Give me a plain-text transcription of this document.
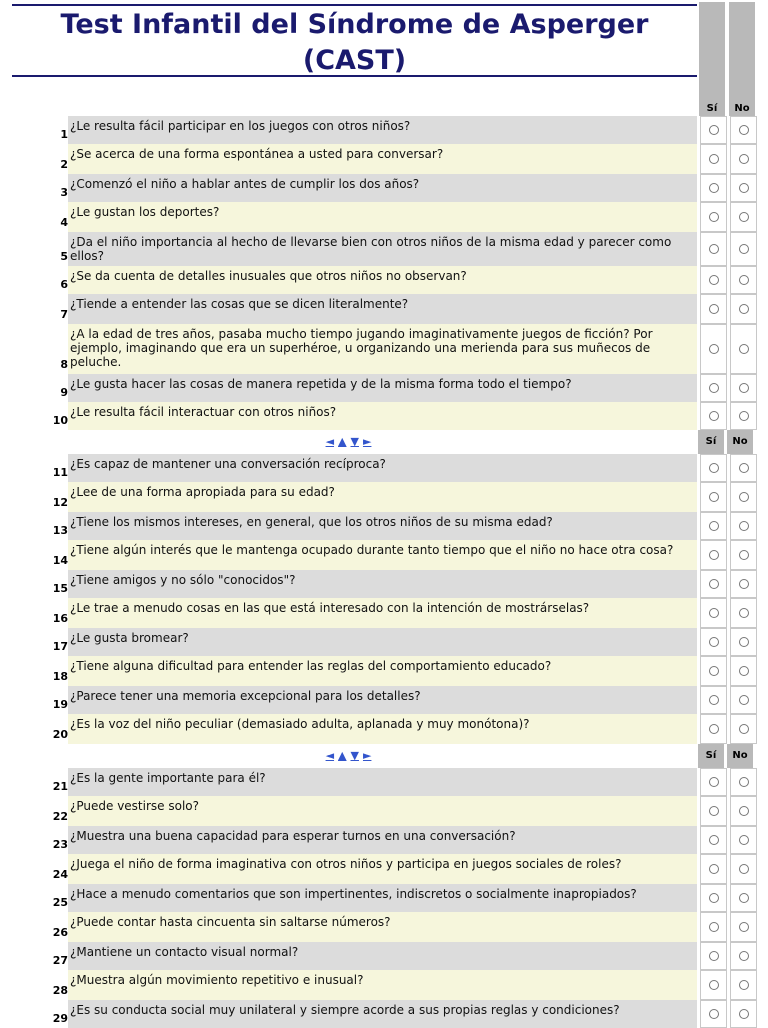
Test Infantil del Síndrome de Asperger (CAST)
Sí	No
1
¿Le resulta fácil participar en los juegos con otros niños?
2
¿Se acerca de una forma espontánea a usted para conversar?
3
¿Comenzó el niño a hablar antes de cumplir los dos años?
4
¿Le gustan los deportes?
5
¿Da el niño importancia al hecho de llevarse bien con otros niños de la misma edad y parecer como ellos?
6
¿Se da cuenta de detalles inusuales que otros niños no observan?
7
¿Tiende a entender las cosas que se dicen literalmente?
8
¿A la edad de tres años, pasaba mucho tiempo jugando imaginativamente juegos de ficción? Por ejemplo, imaginando que era un superhéroe, u organizando una merienda para sus muñecos de peluche.
9
¿Le gusta hacer las cosas de manera repetida y de la misma forma todo el tiempo?
10
¿Le resulta fácil interactuar con otros niños?
◄ ▲ ▼ ►	Sí	No
11
¿Es capaz de mantener una conversación recíproca?
12
¿Lee de una forma apropiada para su edad?
13
¿Tiene los mismos intereses, en general, que los otros niños de su misma edad?
14
¿Tiene algún interés que le mantenga ocupado durante tanto tiempo que el niño no hace otra cosa?
15
¿Tiene amigos y no sólo "conocidos"?
16
¿Le trae a menudo cosas en las que está interesado con la intención de mostrárselas?
17
¿Le gusta bromear?
18
¿Tiene alguna dificultad para entender las reglas del comportamiento educado?
19
¿Parece tener una memoria excepcional para los detalles?
20
¿Es la voz del niño peculiar (demasiado adulta, aplanada y muy monótona)?
◄ ▲ ▼ ►	Sí	No
21
¿Es la gente importante para él?
22
¿Puede vestirse solo?
23
¿Muestra una buena capacidad para esperar turnos en una conversación?
24
¿Juega el niño de forma imaginativa con otros niños y participa en juegos sociales de roles?
25
¿Hace a menudo comentarios que son impertinentes, indiscretos o socialmente inapropiados?
26
¿Puede contar hasta cincuenta sin saltarse números?
27
¿Mantiene un contacto visual normal?
28
¿Muestra algún movimiento repetitivo e inusual?
29
¿Es su conducta social muy unilateral y siempre acorde a sus propias reglas y condiciones?
